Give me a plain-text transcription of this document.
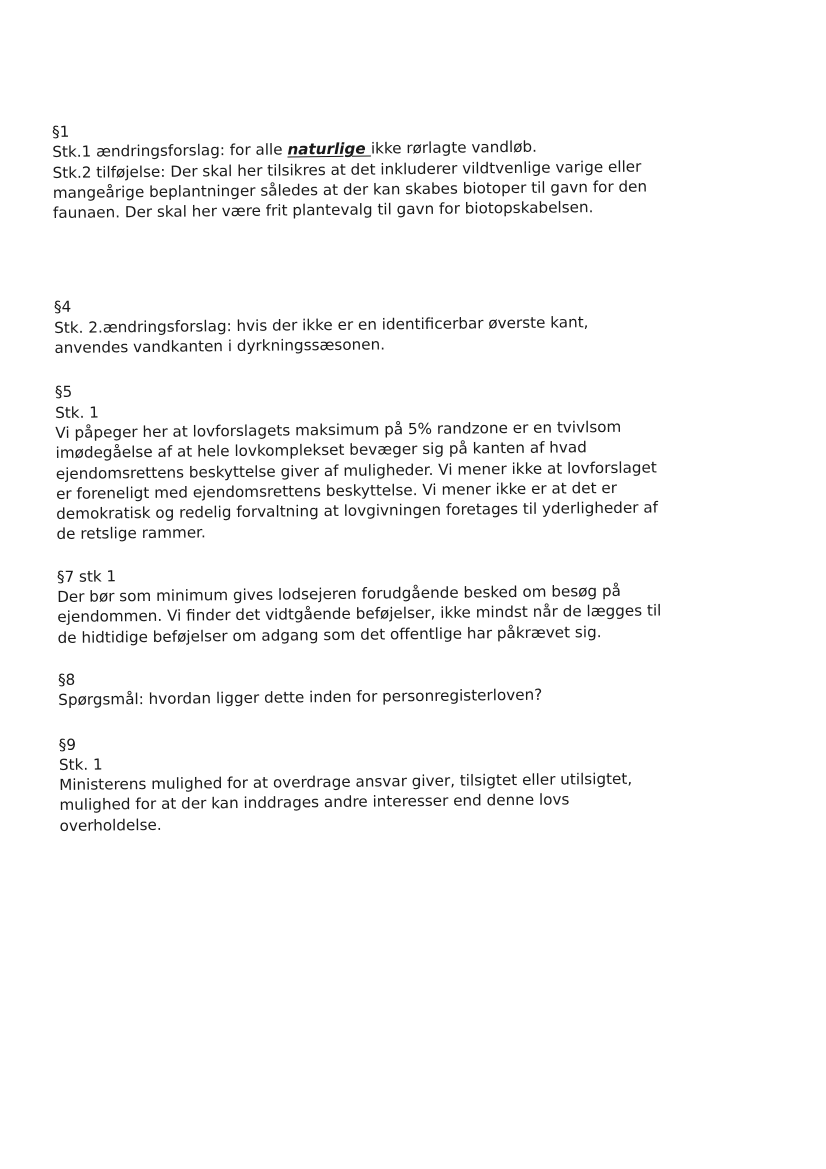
§1
Stk.1 ændringsforslag: for alle naturlige ikke rørlagte vandløb.
Stk.2 tilføjelse: Der skal her tilsikres at det inkluderer vildtvenlige varige eller
mangeårige beplantninger således at der kan skabes biotoper til gavn for den
faunaen. Der skal her være frit plantevalg til gavn for biotopskabelsen.
§4
Stk. 2.ændringsforslag: hvis der ikke er en identificerbar øverste kant,
anvendes vandkanten i dyrkningssæsonen.
§5
Stk. 1
Vi påpeger her at lovforslagets maksimum på 5% randzone er en tvivlsom
imødegåelse af at hele lovkomplekset bevæger sig på kanten af hvad
ejendomsrettens beskyttelse giver af muligheder. Vi mener ikke at lovforslaget
er foreneligt med ejendomsrettens beskyttelse. Vi mener ikke er at det er
demokratisk og redelig forvaltning at lovgivningen foretages til yderligheder af
de retslige rammer.
§7 stk 1
Der bør som minimum gives lodsejeren forudgående besked om besøg på
ejendommen. Vi finder det vidtgående beføjelser, ikke mindst når de lægges til
de hidtidige beføjelser om adgang som det offentlige har påkrævet sig.
§8
Spørgsmål: hvordan ligger dette inden for personregisterloven?
§9
Stk. 1
Ministerens mulighed for at overdrage ansvar giver, tilsigtet eller utilsigtet,
mulighed for at der kan inddrages andre interesser end denne lovs
overholdelse.
